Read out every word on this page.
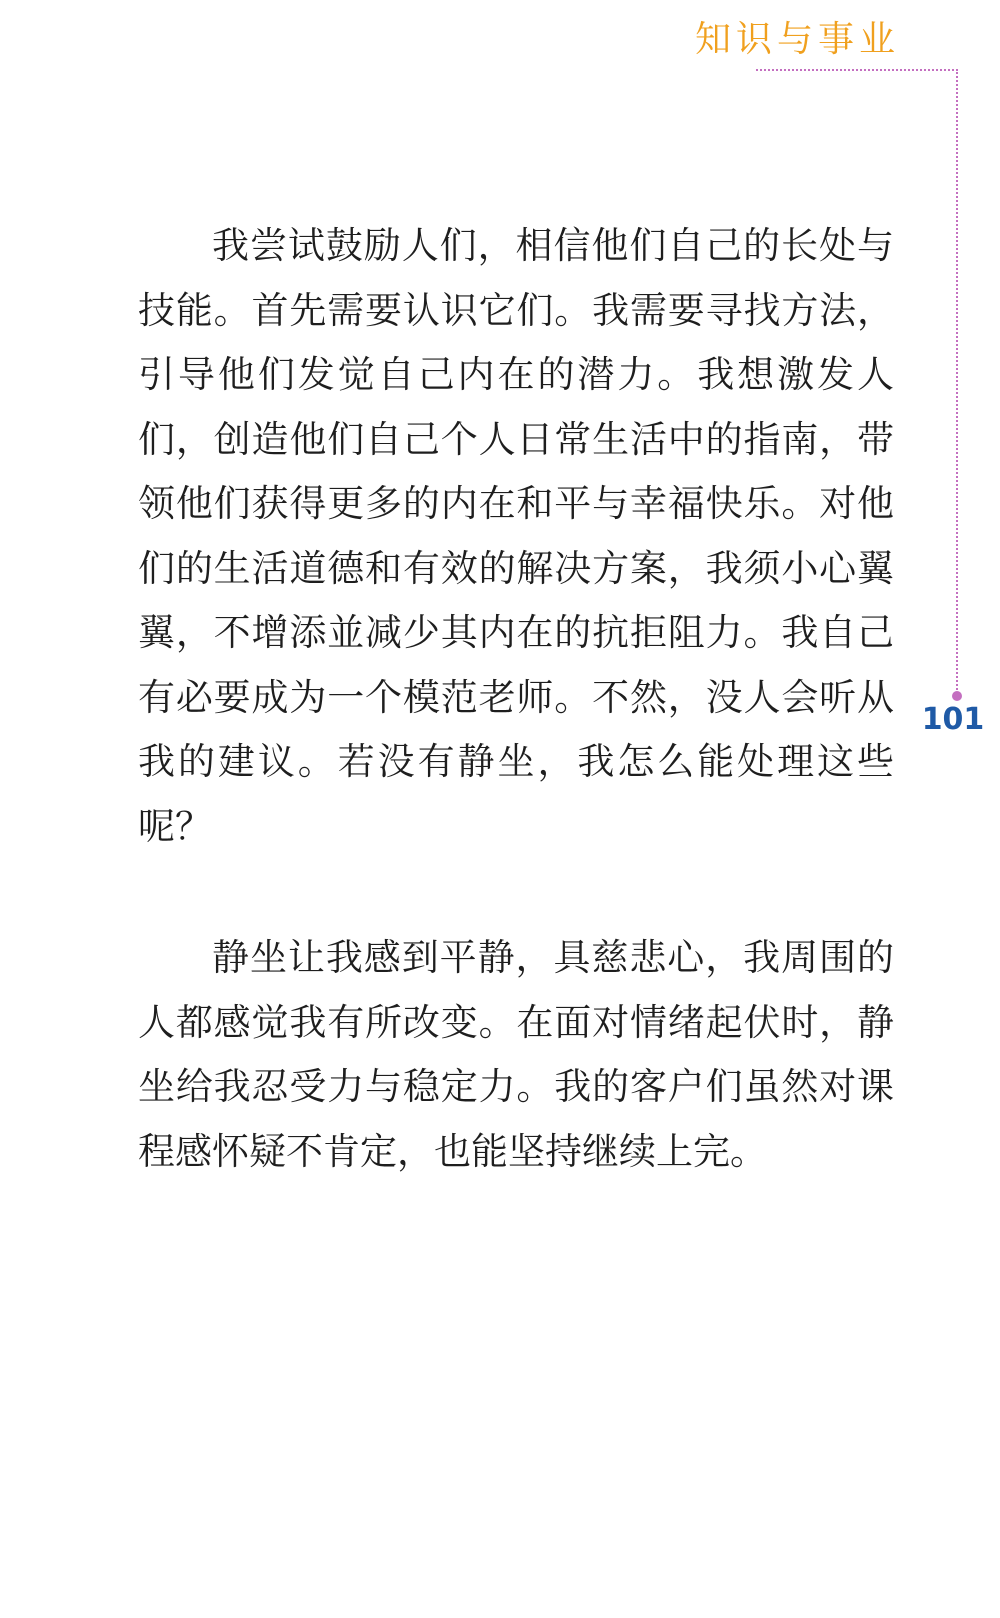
知识与事业
101

我尝试鼓励人们，相信他们自己的长处与技能。首先需要认识它们。我需要寻找方法，引导他们发觉自己内在的潜力。我想激发人们，创造他们自己个人日常生活中的指南，带领他们获得更多的内在和平与幸福快乐。对他们的生活道德和有效的解决方案，我须小心翼翼，不增添並减少其内在的抗拒阻力。我自己有必要成为一个模范老师。不然，没人会听从我的建议。若没有静坐，我怎么能处理这些呢？

静坐让我感到平静，具慈悲心，我周围的人都感觉我有所改变。在面对情绪起伏时，静坐给我忍受力与稳定力。我的客户们虽然对课程感怀疑不肯定，也能坚持继续上完。
